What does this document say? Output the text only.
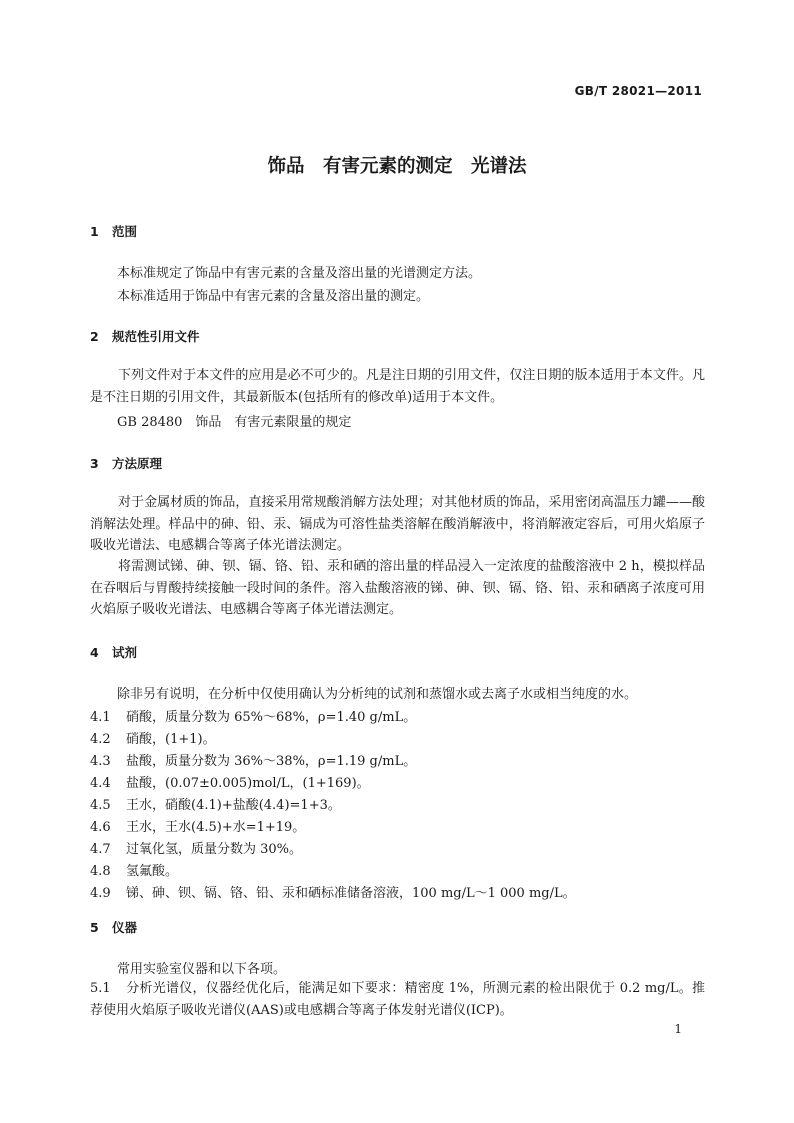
GB/T 28021—2011
饰品　有害元素的测定　光谱法
1 范围
本标准规定了饰品中有害元素的含量及溶出量的光谱测定方法。
本标准适用于饰品中有害元素的含量及溶出量的测定。
2 规范性引用文件

下列文件对于本文件的应用是必不可少的。凡是注日期的引用文件，仅注日期的版本适用于本文件。凡是不注日期的引用文件，其最新版本(包括所有的修改单)适用于本文件。

GB 28480　饰品　有害元素限量的规定
3 方法原理

对于金属材质的饰品，直接采用常规酸消解方法处理；对其他材质的饰品，采用密闭高温压力罐——酸消解法处理。样品中的砷、铅、汞、镉成为可溶性盐类溶解在酸消解液中，将消解液定容后，可用火焰原子吸收光谱法、电感耦合等离子体光谱法测定。

将需测试锑、砷、钡、镉、铬、铅、汞和硒的溶出量的样品浸入一定浓度的盐酸溶液中 2 h，模拟样品在吞咽后与胃酸持续接触一段时间的条件。溶入盐酸溶液的锑、砷、钡、镉、铬、铅、汞和硒离子浓度可用火焰原子吸收光谱法、电感耦合等离子体光谱法测定。

4 试剂
除非另有说明，在分析中仅使用确认为分析纯的试剂和蒸馏水或去离子水或相当纯度的水。
4.1 硝酸，质量分数为 65%～68%，ρ=1.40 g/mL。
4.2 硝酸，(1+1)。
4.3 盐酸，质量分数为 36%～38%，ρ=1.19 g/mL。
4.4 盐酸，(0.07±0.005)mol/L，(1+169)。
4.5 王水，硝酸(4.1)+盐酸(4.4)=1+3。
4.6 王水，王水(4.5)+水=1+19。
4.7 过氧化氢，质量分数为 30%。
4.8 氢氟酸。
4.9 锑、砷、钡、镉、铬、铅、汞和硒标准储备溶液，100 mg/L～1 000 mg/L。
5 仪器
常用实验室仪器和以下各项。

5.1 分析光谱仪，仪器经优化后，能满足如下要求：精密度 1%，所测元素的检出限优于 0.2 mg/L。推荐使用火焰原子吸收光谱仪(AAS)或电感耦合等离子体发射光谱仪(ICP)。

1
